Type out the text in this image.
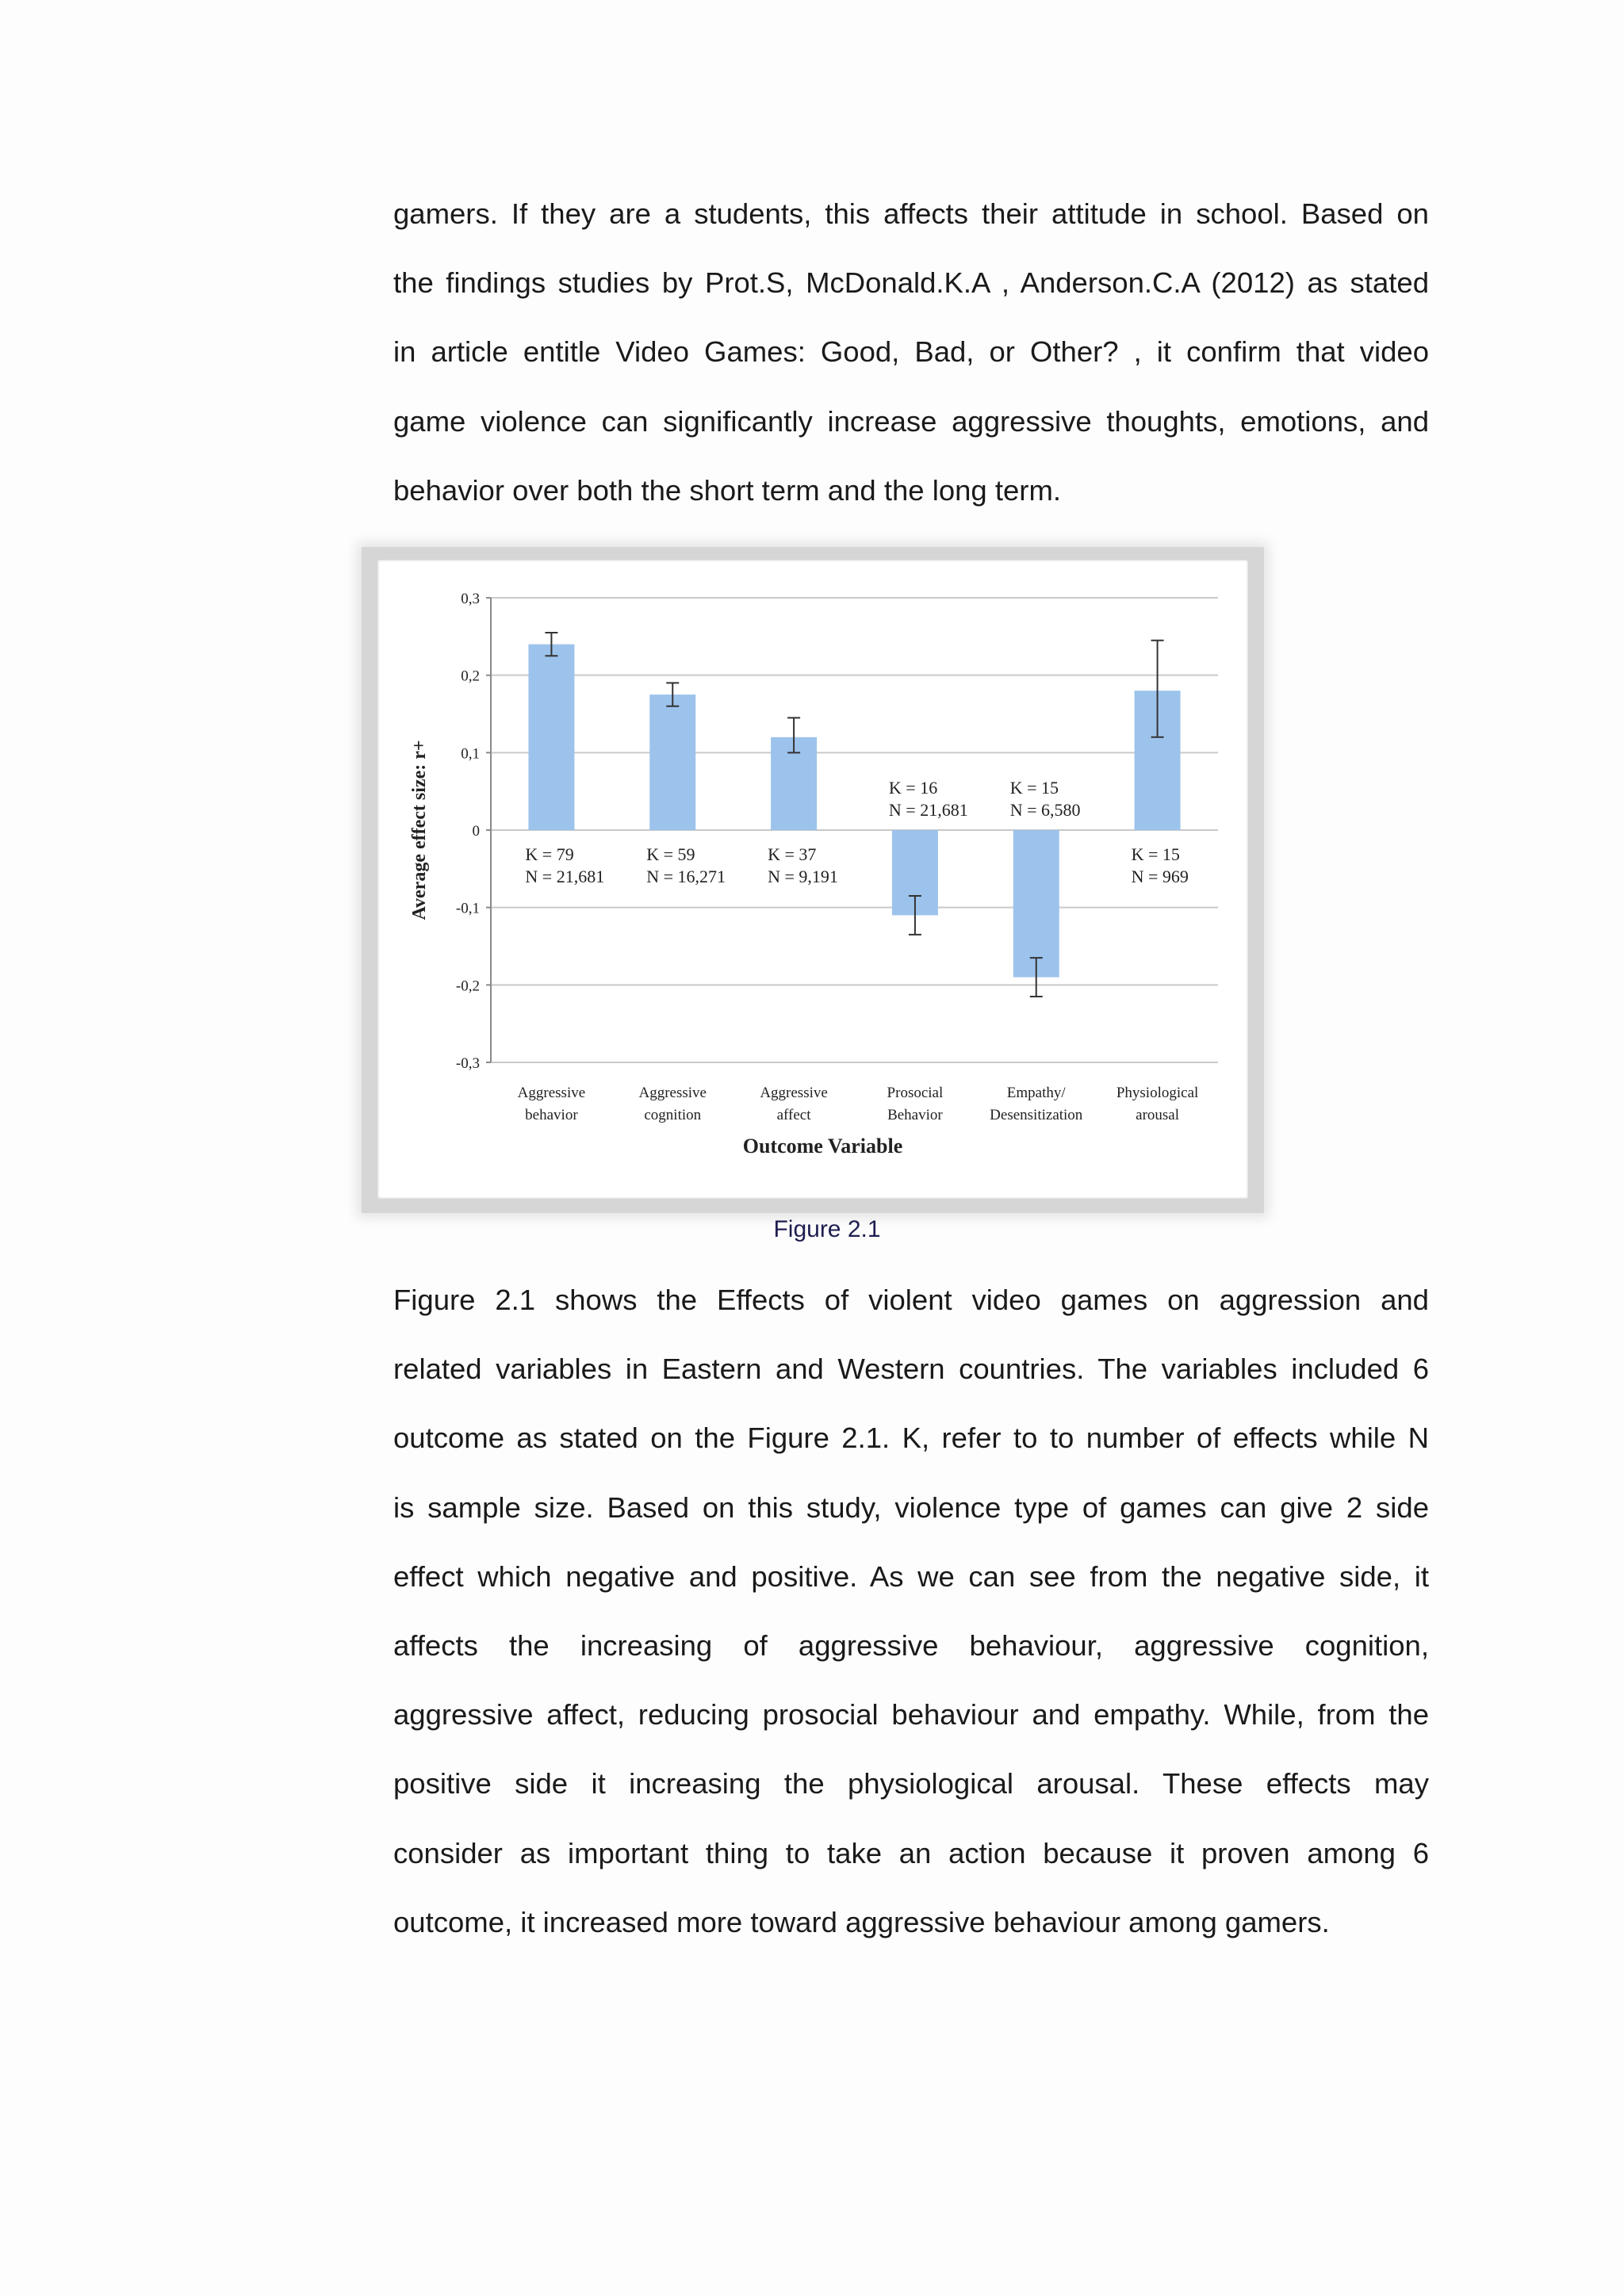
gamers. If they are a students, this affects their attitude in school. Based on
the findings studies by Prot.S, McDonald.K.A , Anderson.C.A (2012) as stated
in article entitle Video Games: Good, Bad, or Other? , it confirm that video
game violence can significantly increase aggressive thoughts, emotions, and
behavior over both the short term and the long term.
0,3
0,2
0,1
0
-0,1
-0,2
-0,3
Average effect size: r+	K = 79
N = 21,681
Aggressive
behavior
K = 59
N = 16,271
Aggressive
cognition
K = 37
N = 9,191
Aggressive
affect
K = 16
N = 21,681
Prosocial
Behavior
K = 15
N = 6,580
Empathy/
Desensitization
K = 15
N = 969
Physiological
arousal
Outcome Variable
Figure 2.1
Figure 2.1 shows the Effects of violent video games on aggression and
related variables in Eastern and Western countries. The variables included 6
outcome as stated on the Figure 2.1. K, refer to to number of effects while N
is sample size. Based on this study, violence type of games can give 2 side
effect which negative and positive. As we can see from the negative side, it
affects the increasing of aggressive behaviour, aggressive cognition,
aggressive affect, reducing prosocial behaviour and empathy. While, from the
positive side it increasing the physiological arousal. These effects may
consider as important thing to take an action because it proven among 6
outcome, it increased more toward aggressive behaviour among gamers.
